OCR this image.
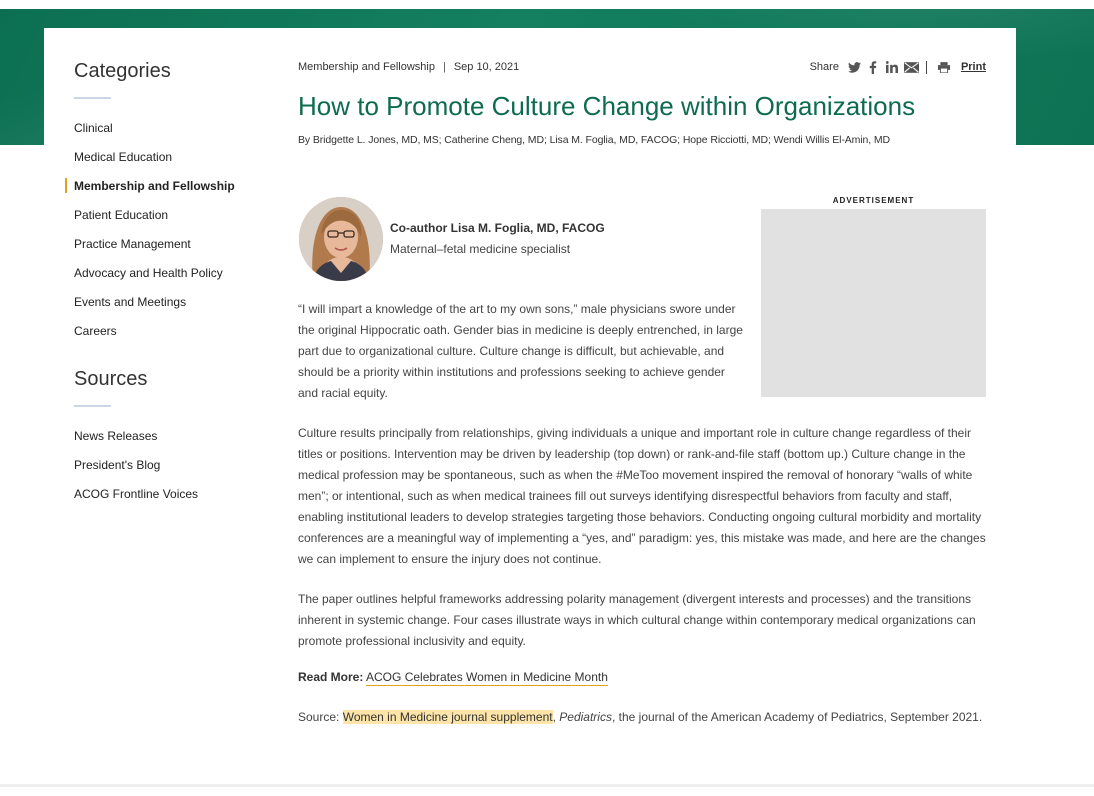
Categories
Clinical
Medical Education
Membership and Fellowship
Patient Education
Practice Management
Advocacy and Health Policy
Events and Meetings
Careers
Sources
News Releases
President's Blog
ACOG Frontline Voices
Membership and Fellowship | Sep 10, 2021	Share	Print
How to Promote Culture Change within Organizations
By Bridgette L. Jones, MD, MS; Catherine Cheng, MD; Lisa M. Foglia, MD, FACOG; Hope Ricciotti, MD; Wendi Willis El-Amin, MD
Co-author Lisa M. Foglia, MD, FACOG
Maternal–fetal medicine specialist
ADVERTISEMENT

“I will impart a knowledge of the art to my own sons,” male physicians swore under the original Hippocratic oath. Gender bias in medicine is deeply entrenched, in large part due to organizational culture. Culture change is difficult, but achievable, and should be a priority within institutions and professions seeking to achieve gender and racial equity.

Culture results principally from relationships, giving individuals a unique and important role in culture change regardless of their titles or positions. Intervention may be driven by leadership (top down) or rank-and-file staff (bottom up.) Culture change in the medical profession may be spontaneous, such as when the #MeToo movement inspired the removal of honorary “walls of white men”; or intentional, such as when medical trainees fill out surveys identifying disrespectful behaviors from faculty and staff, enabling institutional leaders to develop strategies targeting those behaviors. Conducting ongoing cultural morbidity and mortality conferences are a meaningful way of implementing a “yes, and” paradigm: yes, this mistake was made, and here are the changes we can implement to ensure the injury does not continue.

The paper outlines helpful frameworks addressing polarity management (divergent interests and processes) and the transitions inherent in systemic change. Four cases illustrate ways in which cultural change within contemporary medical organizations can promote professional inclusivity and equity.

Read More: ACOG Celebrates Women in Medicine Month
Source: Women in Medicine journal supplement, Pediatrics, the journal of the American Academy of Pediatrics, September 2021.
